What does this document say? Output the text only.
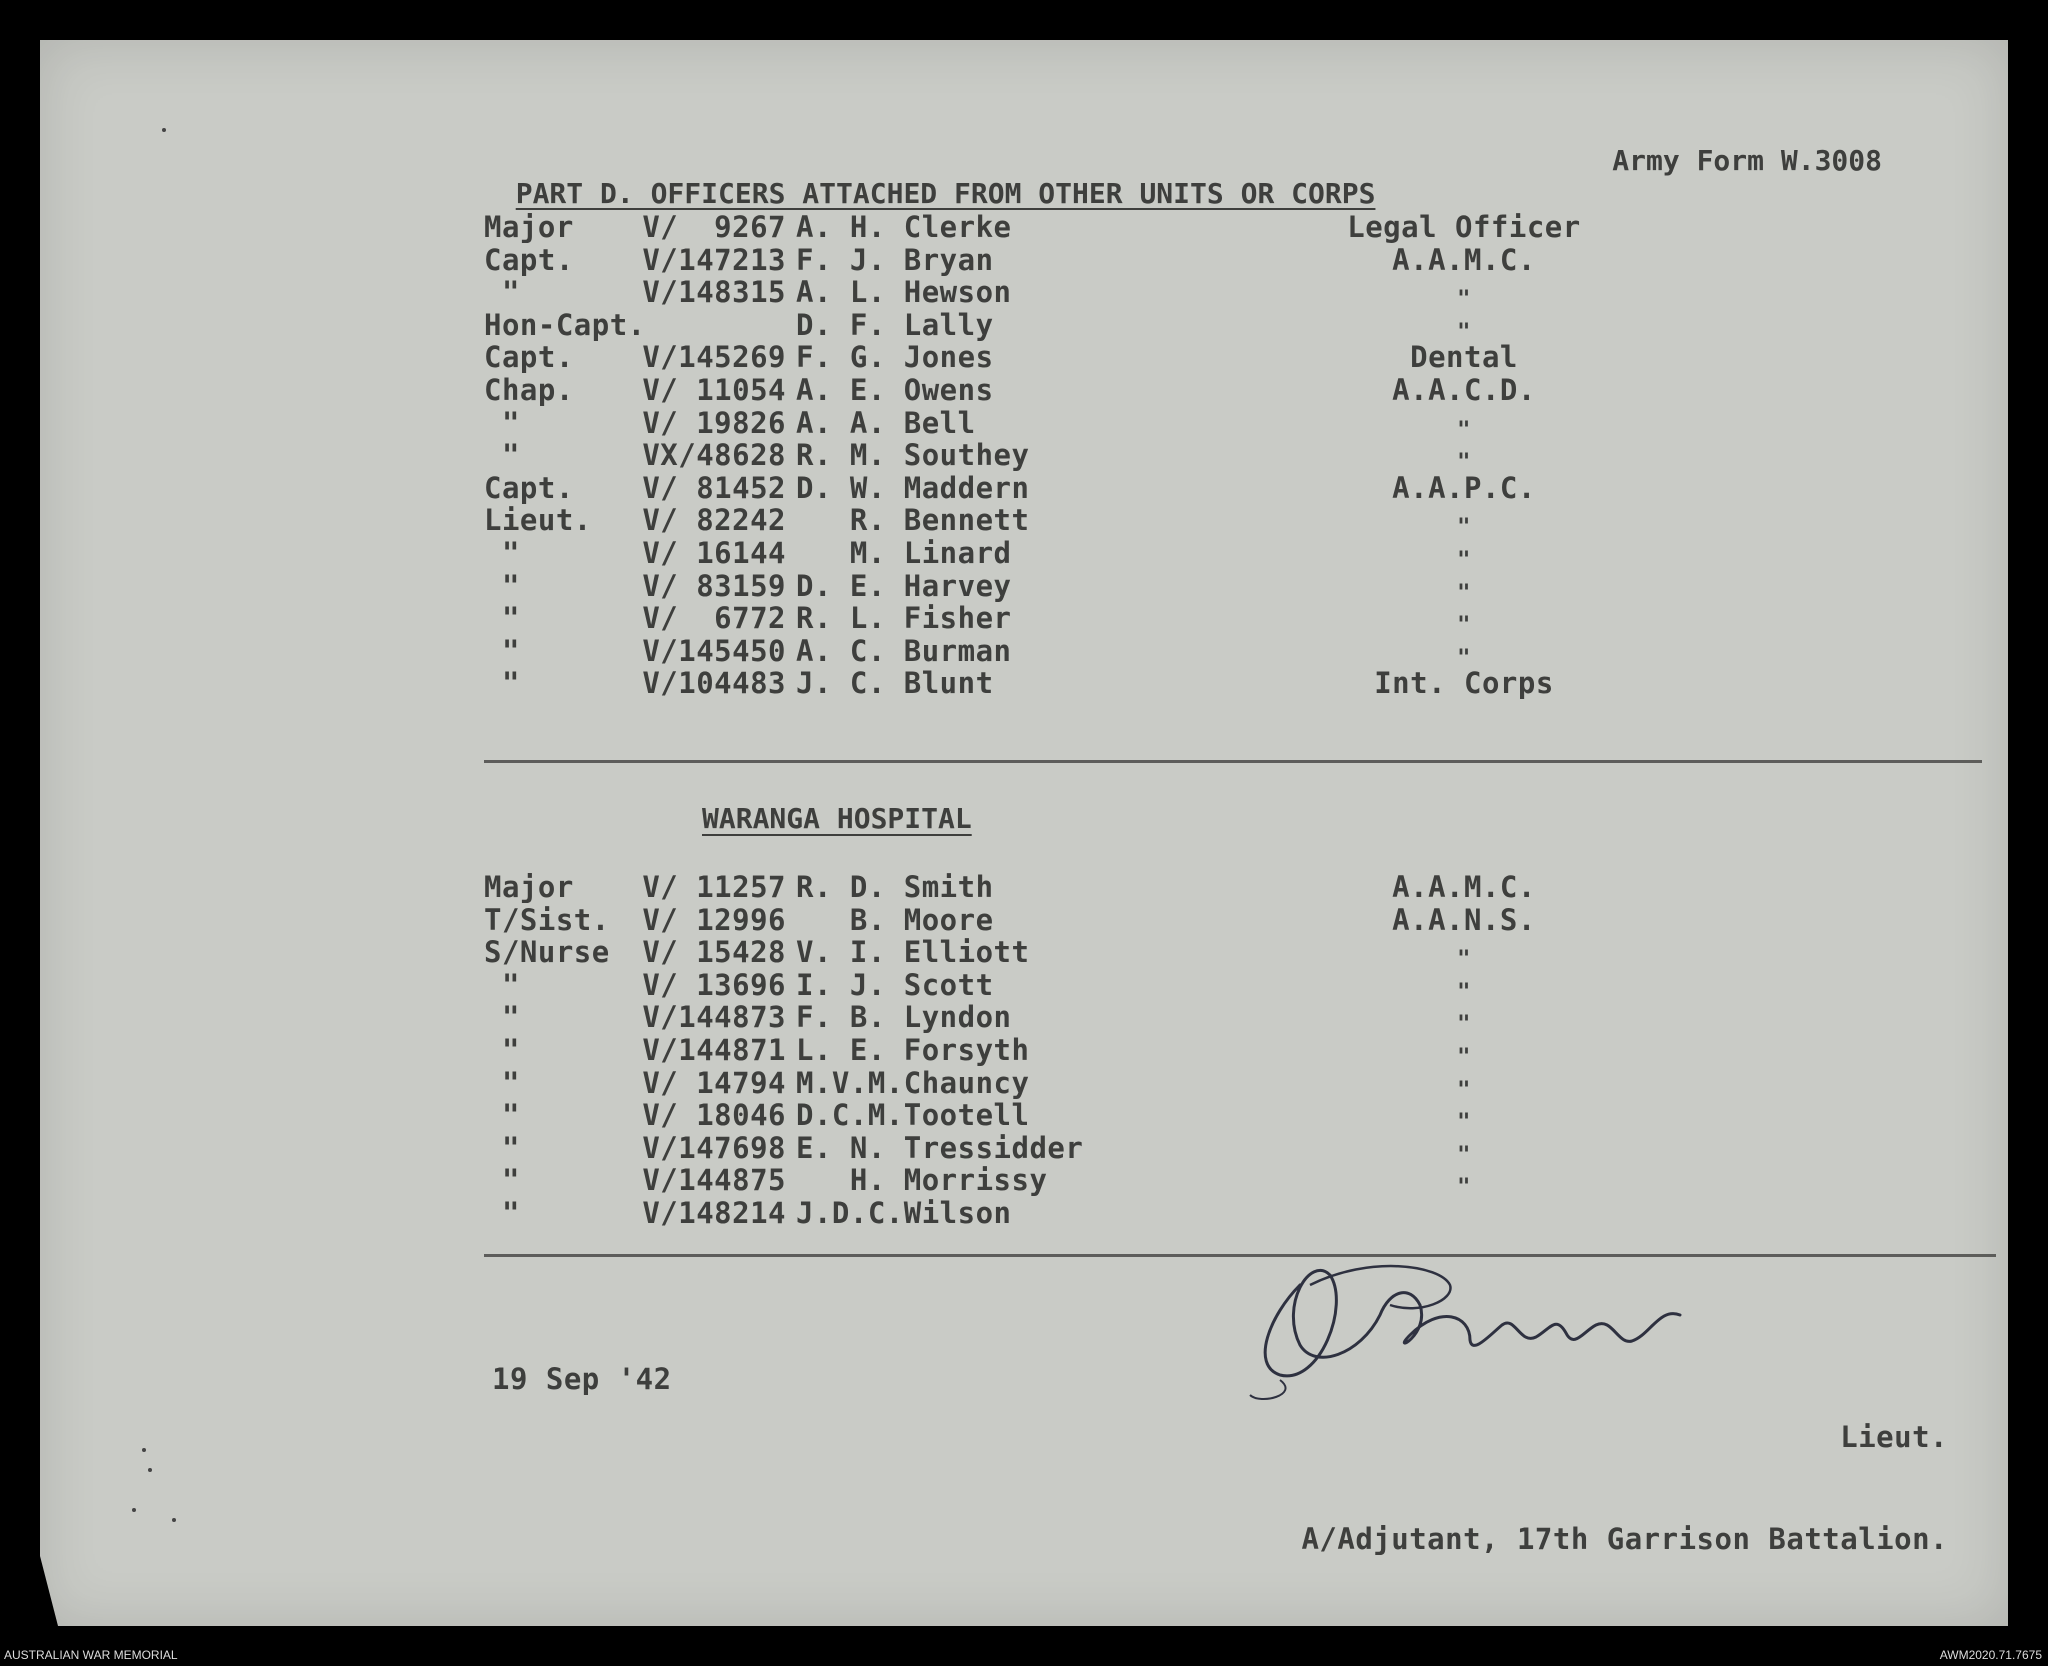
PART D. OFFICERS ATTACHED FROM OTHER UNITS OR CORPS

Army Form W.3008

Major	V/  9267 A. H. Clerke	Legal Officer
Capt.	V/147213 F. J. Bryan	A.A.M.C.
"	V/148315 A. L. Hewson	"
Hon-Capt.	D. F. Lally	"
Capt.	V/145269 F. G. Jones	Dental
Chap.	V/ 11054 A. E. Owens	A.A.C.D.
"	V/ 19826 A. A. Bell	"
"	VX/48628 R. M. Southey	"
Capt.	V/ 81452 D. W. Maddern	A.A.P.C.
Lieut.	V/ 82242 R. Bennett	"
"	V/ 16144 M. Linard	"
"	V/ 83159 D. E. Harvey	"
"	V/  6772 R. L. Fisher	"
"	V/145450 A. C. Burman	"
"	V/104483 J. C. Blunt	Int. Corps
WARANGA HOSPITAL
Major	V/ 11257 R. D. Smith	A.A.M.C.
T/Sist.	V/ 12996 B. Moore	A.A.N.S.
S/Nurse	V/ 15428 V. I. Elliott	"
"	V/ 13696 I. J. Scott	"
"	V/144873 F. B. Lyndon	"
"	V/144871 L. E. Forsyth	"
"	V/ 14794 M.V.M.Chauncy	"
"	V/ 18046 D.C.M.Tootell	"
"	V/147698 E. N. Tressidder	"
"	V/144875 H. Morrissy	"
"	V/148214 J.D.C.Wilson
19 Sep '42

Lieut.

A/Adjutant, 17th Garrison Battalion.

AUSTRALIAN WAR MEMORIAL	AWM2020.71.7675
